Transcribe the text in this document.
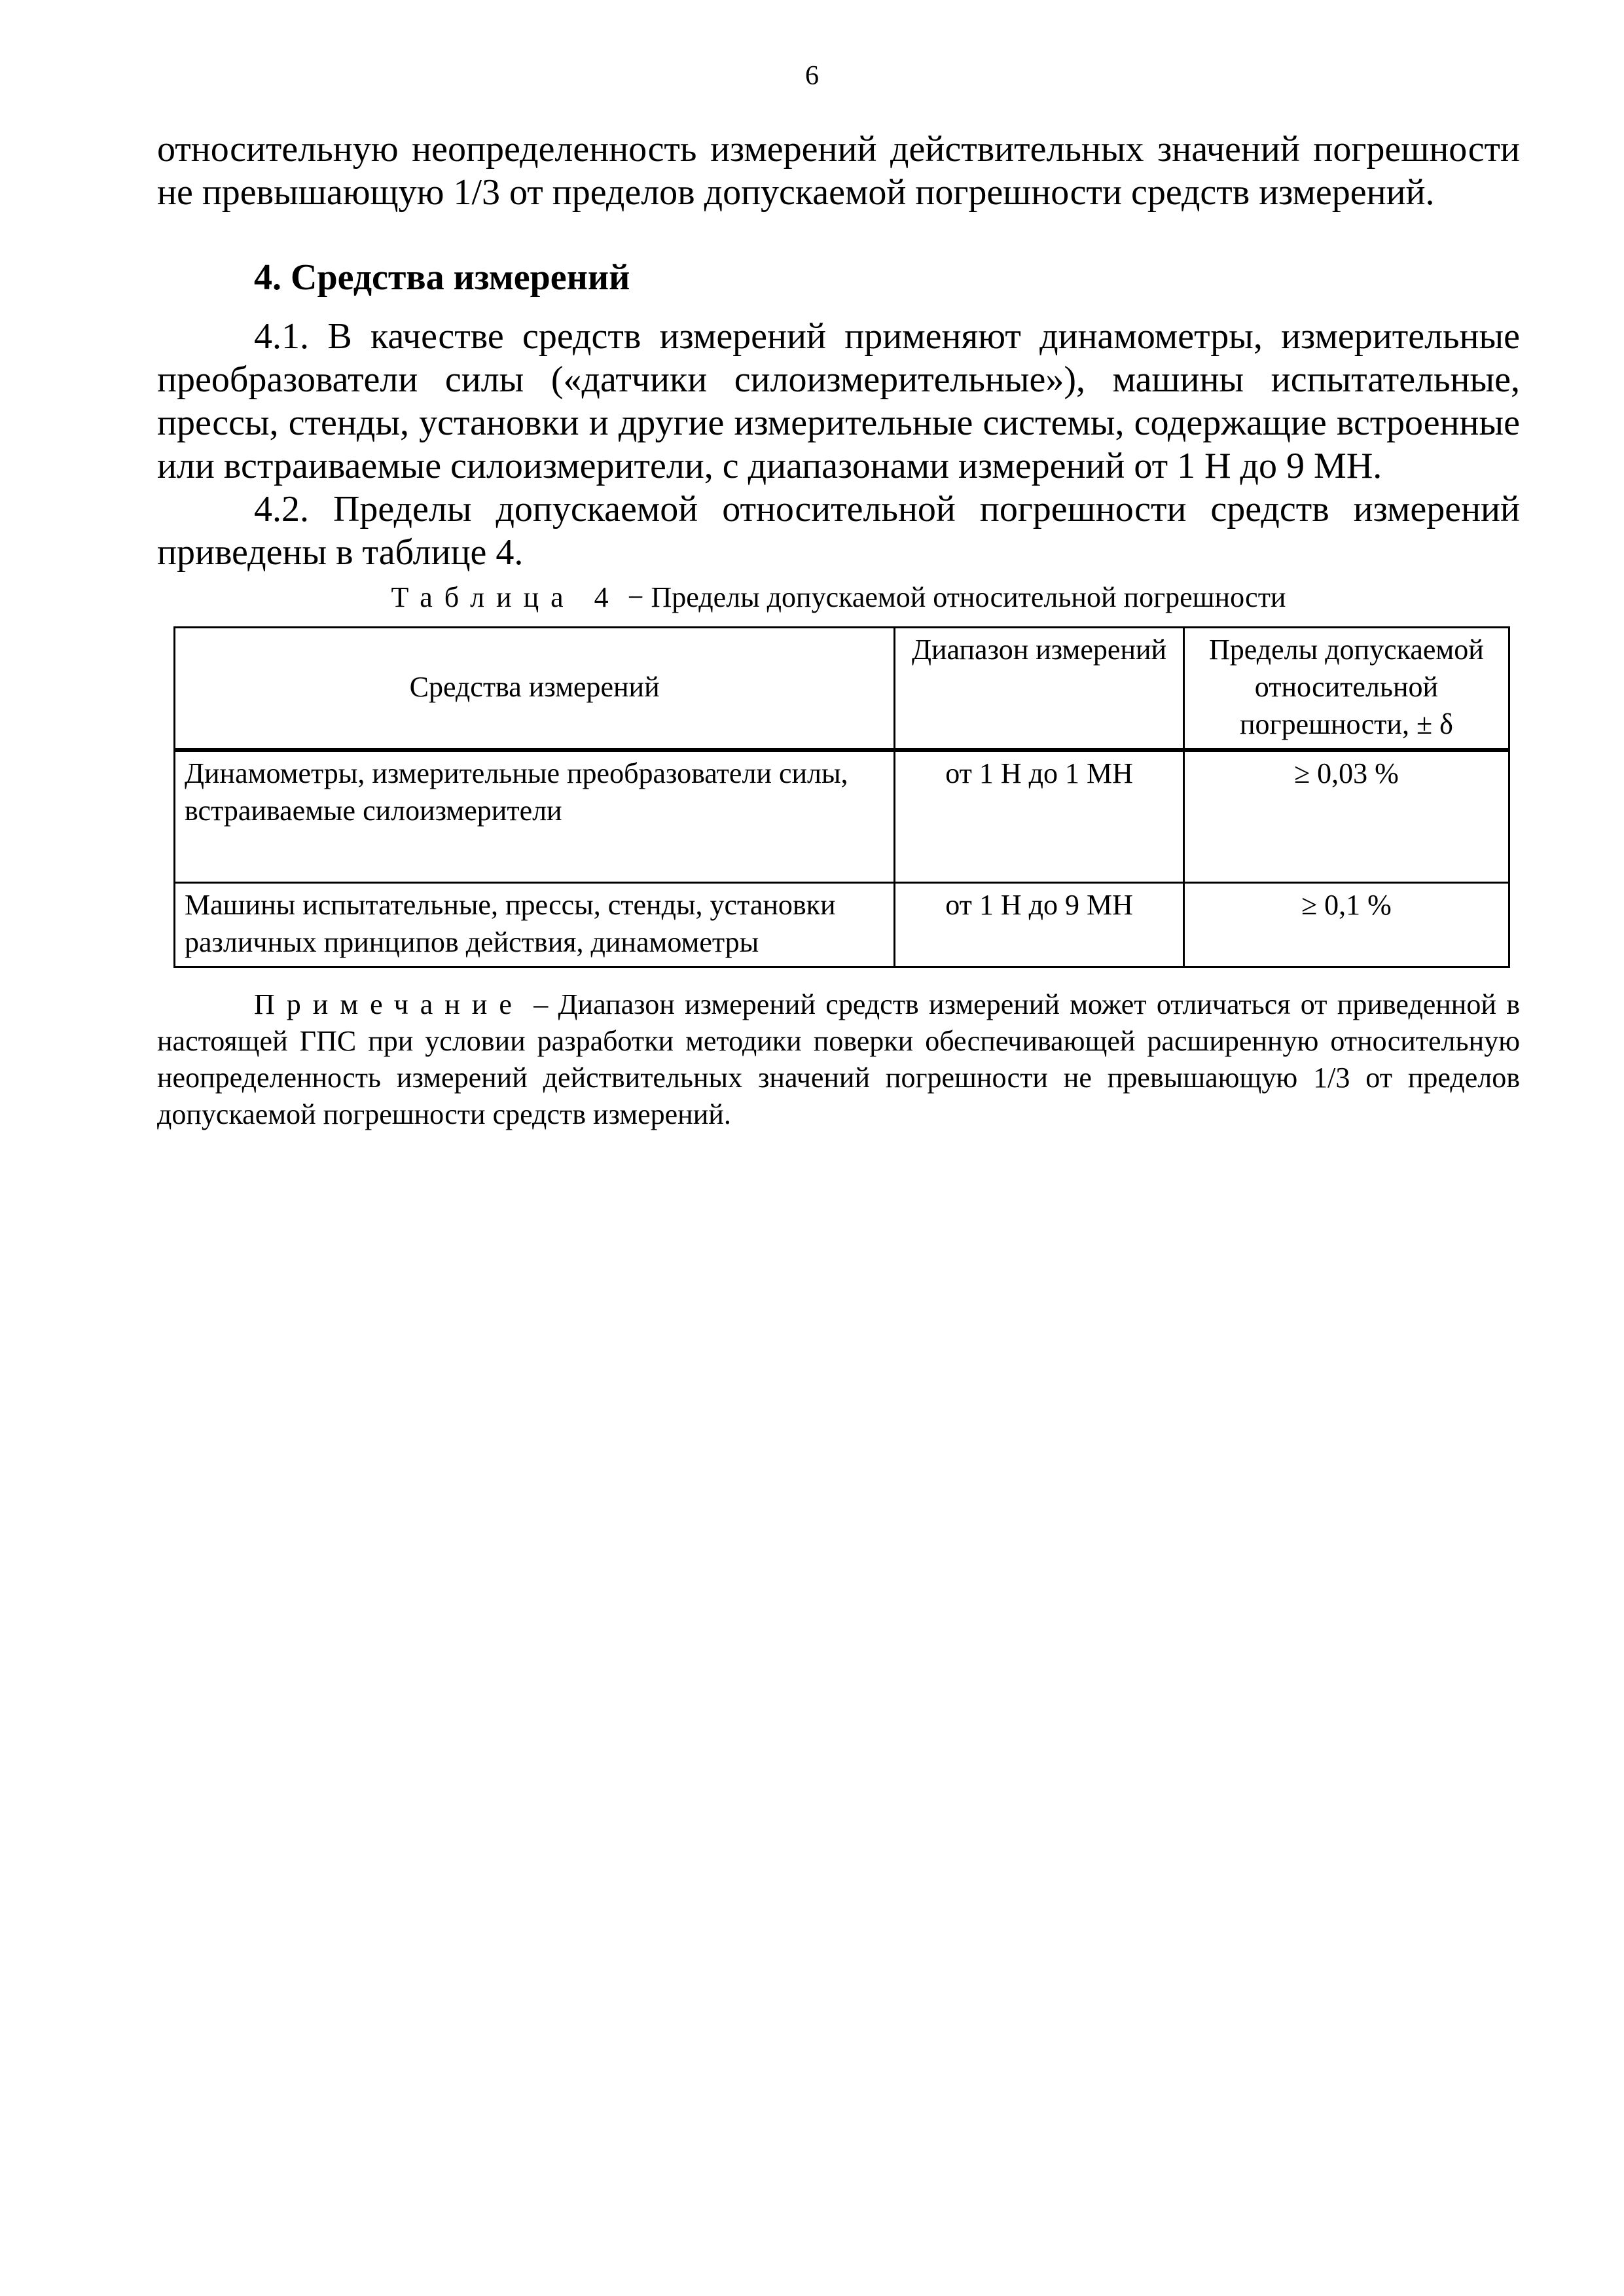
6

относительную неопределенность измерений действительных значений погрешности не превышающую 1/3 от пределов допускаемой погрешности средств измерений.

4. Средства измерений

4.1. В качестве средств измерений применяют динамометры, измерительные преобразователи силы («датчики силоизмерительные»), машины испытательные, прессы, стенды, установки и другие измерительные системы, содержащие встроенные или встраиваемые силоизмерители, с диапазонами измерений от 1 Н до 9 МН.

4.2. Пределы допускаемой относительной погрешности средств измерений приведены в таблице 4.

Таблица 4 − Пределы допускаемой относительной погрешности

Средства измерений	Диапазон измерений	Пределы допускаемой относительной погрешности, ± δ
Динамометры, измерительные преобразователи силы, встраиваемые силоизмерители	от 1 Н до 1 МН	≥ 0,03 %
Машины испытательные, прессы, стенды, установки различных принципов действия, динамометры	от 1 Н до 9 МН	≥ 0,1 %

Примечание – Диапазон измерений средств измерений может отличаться от приведенной в настоящей ГПС при условии разработки методики поверки обеспечивающей расширенную относительную неопределенность измерений действительных значений погрешности не превышающую 1/3 от пределов допускаемой погрешности средств измерений.
